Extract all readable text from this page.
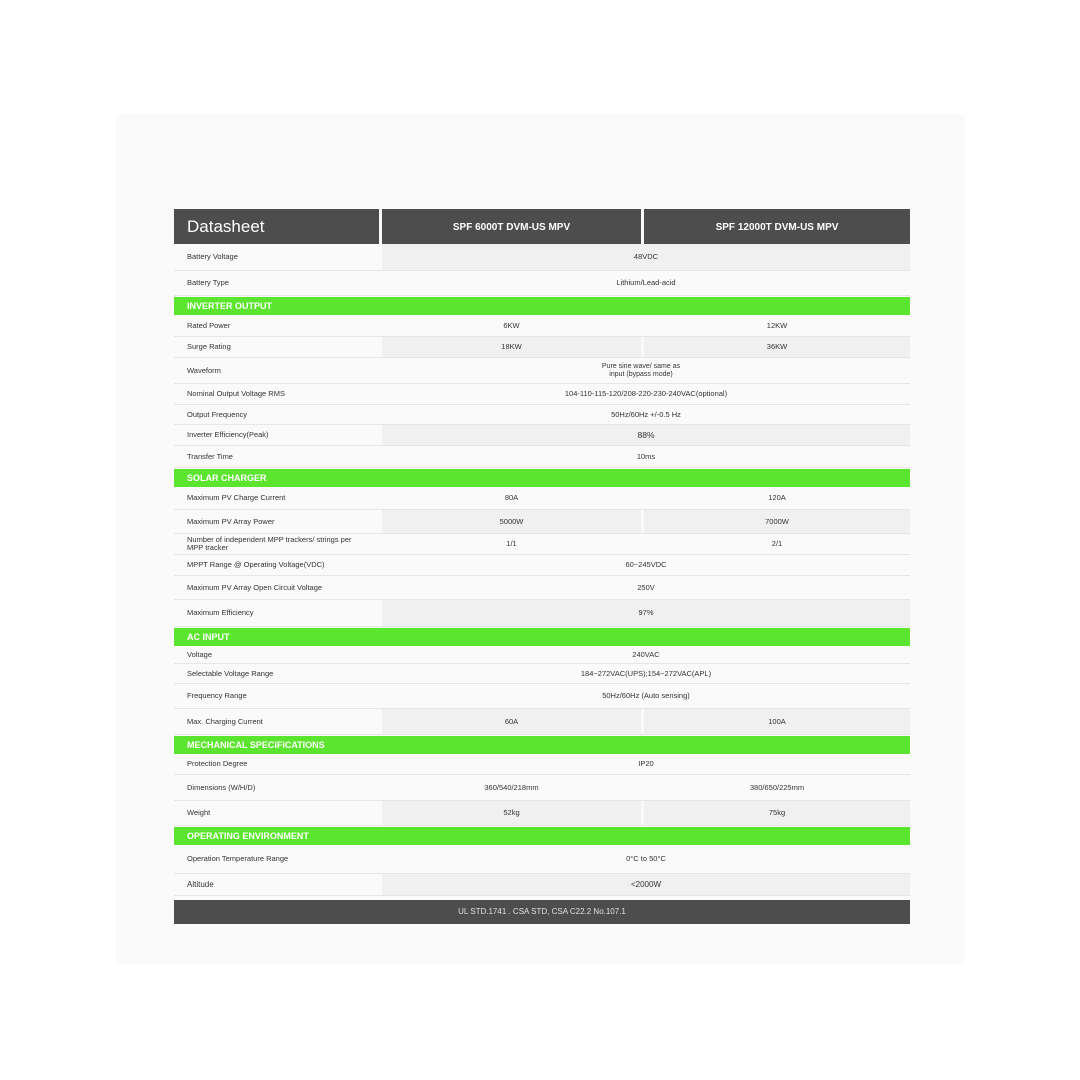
Datasheet	SPF 6000T DVM-US MPV	SPF 12000T DVM-US MPV
Battery Voltage	48VDC
Battery Type	Lithium/Lead-acid
INVERTER OUTPUT
Rated Power	6KW	12KW
Surge Rating	18KW	36KW
Waveform	Pure sine wave/ same as input (bypass mode)
Nominal Output Voltage RMS	104-110-115-120/208-220-230-240VAC(optional)
Output Frequency	50Hz/60Hz +/-0.5 Hz
Inverter Efficiency(Peak)	88%
Transfer Time	10ms
SOLAR CHARGER
Maximum PV Charge Current	80A	120A
Maximum PV Array Power	5000W	7000W
Number of independent MPP trackers/ strings per MPP tracker	1/1	2/1
MPPT Range @ Operating Voltage(VDC)	60~245VDC
Maximum PV Array Open Circuit Voltage	250V
Maximum Efficiency	97%
AC INPUT
Voltage	240VAC
Selectable Voltage Range	184~272VAC(UPS);154~272VAC(APL)
Frequency Range	50Hz/60Hz (Auto sensing)
Max. Charging Current	60A	100A
MECHANICAL SPECIFICATIONS
Protection Degree	IP20
Dimensions (W/H/D)	360/540/218mm	380/650/225mm
Weight	52kg	75kg
OPERATING ENVIRONMENT
Operation Temperature Range	0°C to 50°C
Altitude	<2000W
UL STD.1741 . CSA STD, CSA C22.2 No.107.1
